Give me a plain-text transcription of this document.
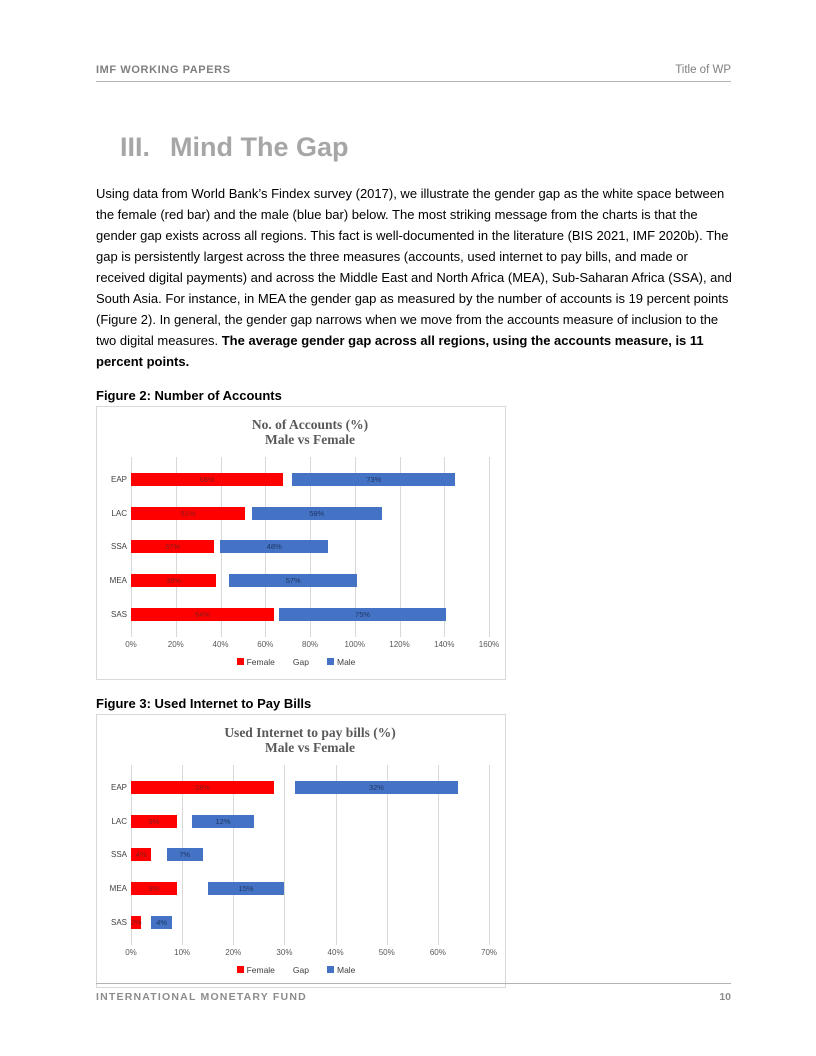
IMF WORKING PAPERS	Title of WP
III. Mind The Gap
Using data from World Bank’s Findex survey (2017), we illustrate the gender gap as the white space between the female (red bar) and the male (blue bar) below. The most striking message from the charts is that the gender gap exists across all regions. This fact is well-documented in the literature (BIS 2021, IMF 2020b). The gap is persistently largest across the three measures (accounts, used internet to pay bills, and made or received digital payments) and across the Middle East and North Africa (MEA), Sub-Saharan Africa (SSA), and South Asia. For instance, in MEA the gender gap as measured by the number of accounts is 19 percent points (Figure 2). In general, the gender gap narrows when we move from the accounts measure of inclusion to the two digital measures. The average gender gap across all regions, using the accounts measure, is 11 percent points.
Figure 2: Number of Accounts
No. of Accounts (%)
Male vs Female
EAP	68%	73%
LAC	51%	58%
SSA	37%	48%
MEA	38%	57%
SAS	64%	75%
0%	20%	40%	60%	80%	100%	120%	140%	160%
Female Gap	Male
Figure 3: Used Internet to Pay Bills
Used Internet to pay bills (%)
Male vs Female
EAP	28%	32%
LAC	9%	12%
SSA	4%	7%
MEA	9%	15%
SAS 2%	4%
0%	10%	20%	30%	40%	50%	60%	70%
Female Gap	Male
INTERNATIONAL MONETARY FUND	10
